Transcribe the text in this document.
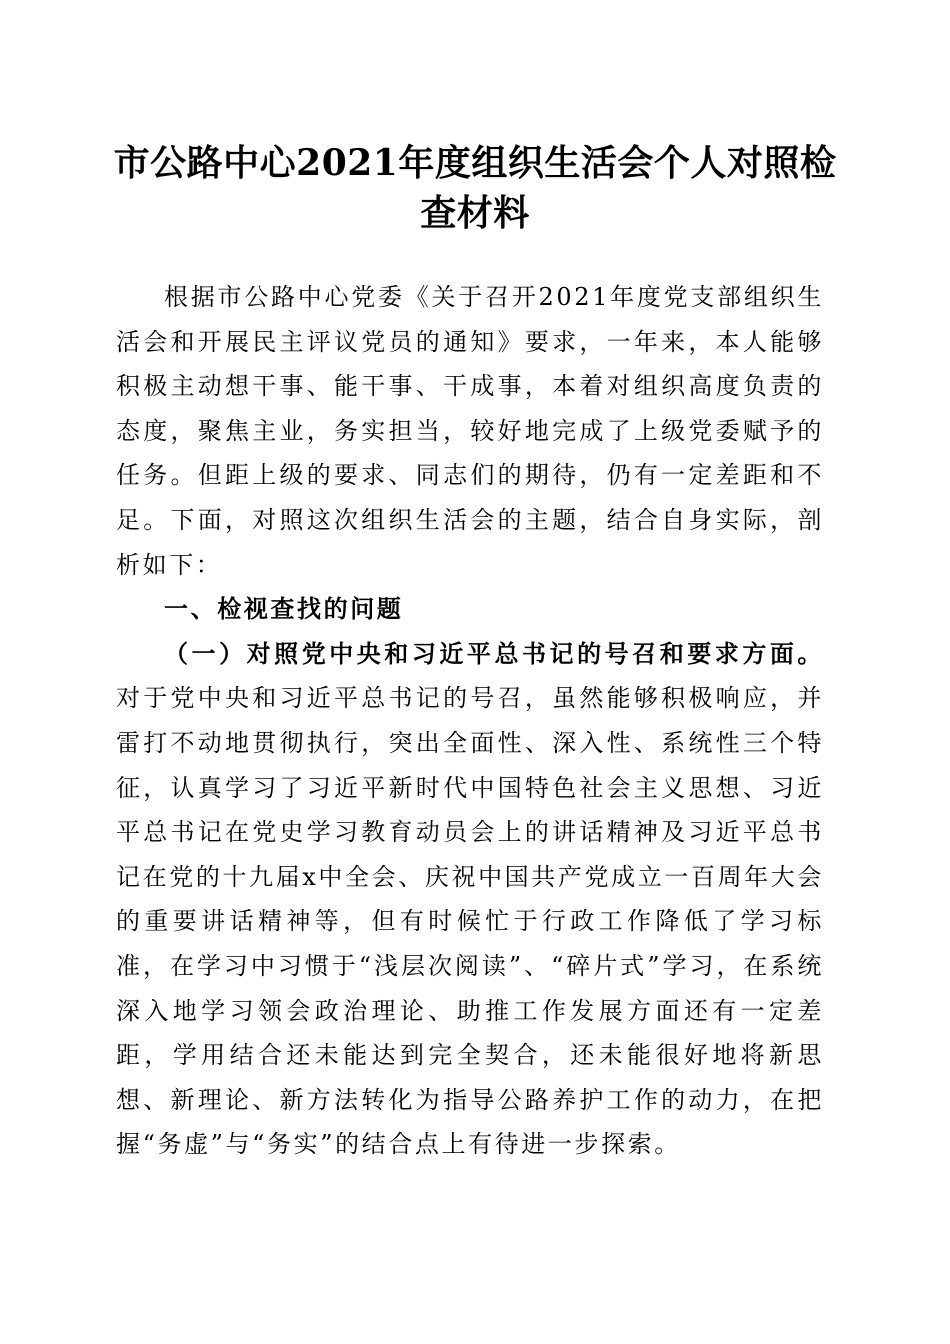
市公路中心2021年度组织生活会个人对照检查材料

根据市公路中心党委《关于召开2021年度党支部组织生活会和开展民主评议党员的通知》要求，一年来，本人能够积极主动想干事、能干事、干成事，本着对组织高度负责的态度，聚焦主业，务实担当，较好地完成了上级党委赋予的任务。但距上级的要求、同志们的期待，仍有一定差距和不足。下面，对照这次组织生活会的主题，结合自身实际，剖析如下：

一、检视查找的问题

（一）对照党中央和习近平总书记的号召和要求方面。对于党中央和习近平总书记的号召，虽然能够积极响应，并雷打不动地贯彻执行，突出全面性、深入性、系统性三个特征，认真学习了习近平新时代中国特色社会主义思想、习近平总书记在党史学习教育动员会上的讲话精神及习近平总书记在党的十九届x中全会、庆祝中国共产党成立一百周年大会的重要讲话精神等，但有时候忙于行政工作降低了学习标准，在学习中习惯于“浅层次阅读”、“碎片式”学习，在系统深入地学习领会政治理论、助推工作发展方面还有一定差距，学用结合还未能达到完全契合，还未能很好地将新思想、新理论、新方法转化为指导公路养护工作的动力，在把握“务虚”与“务实”的结合点上有待进一步探索。
